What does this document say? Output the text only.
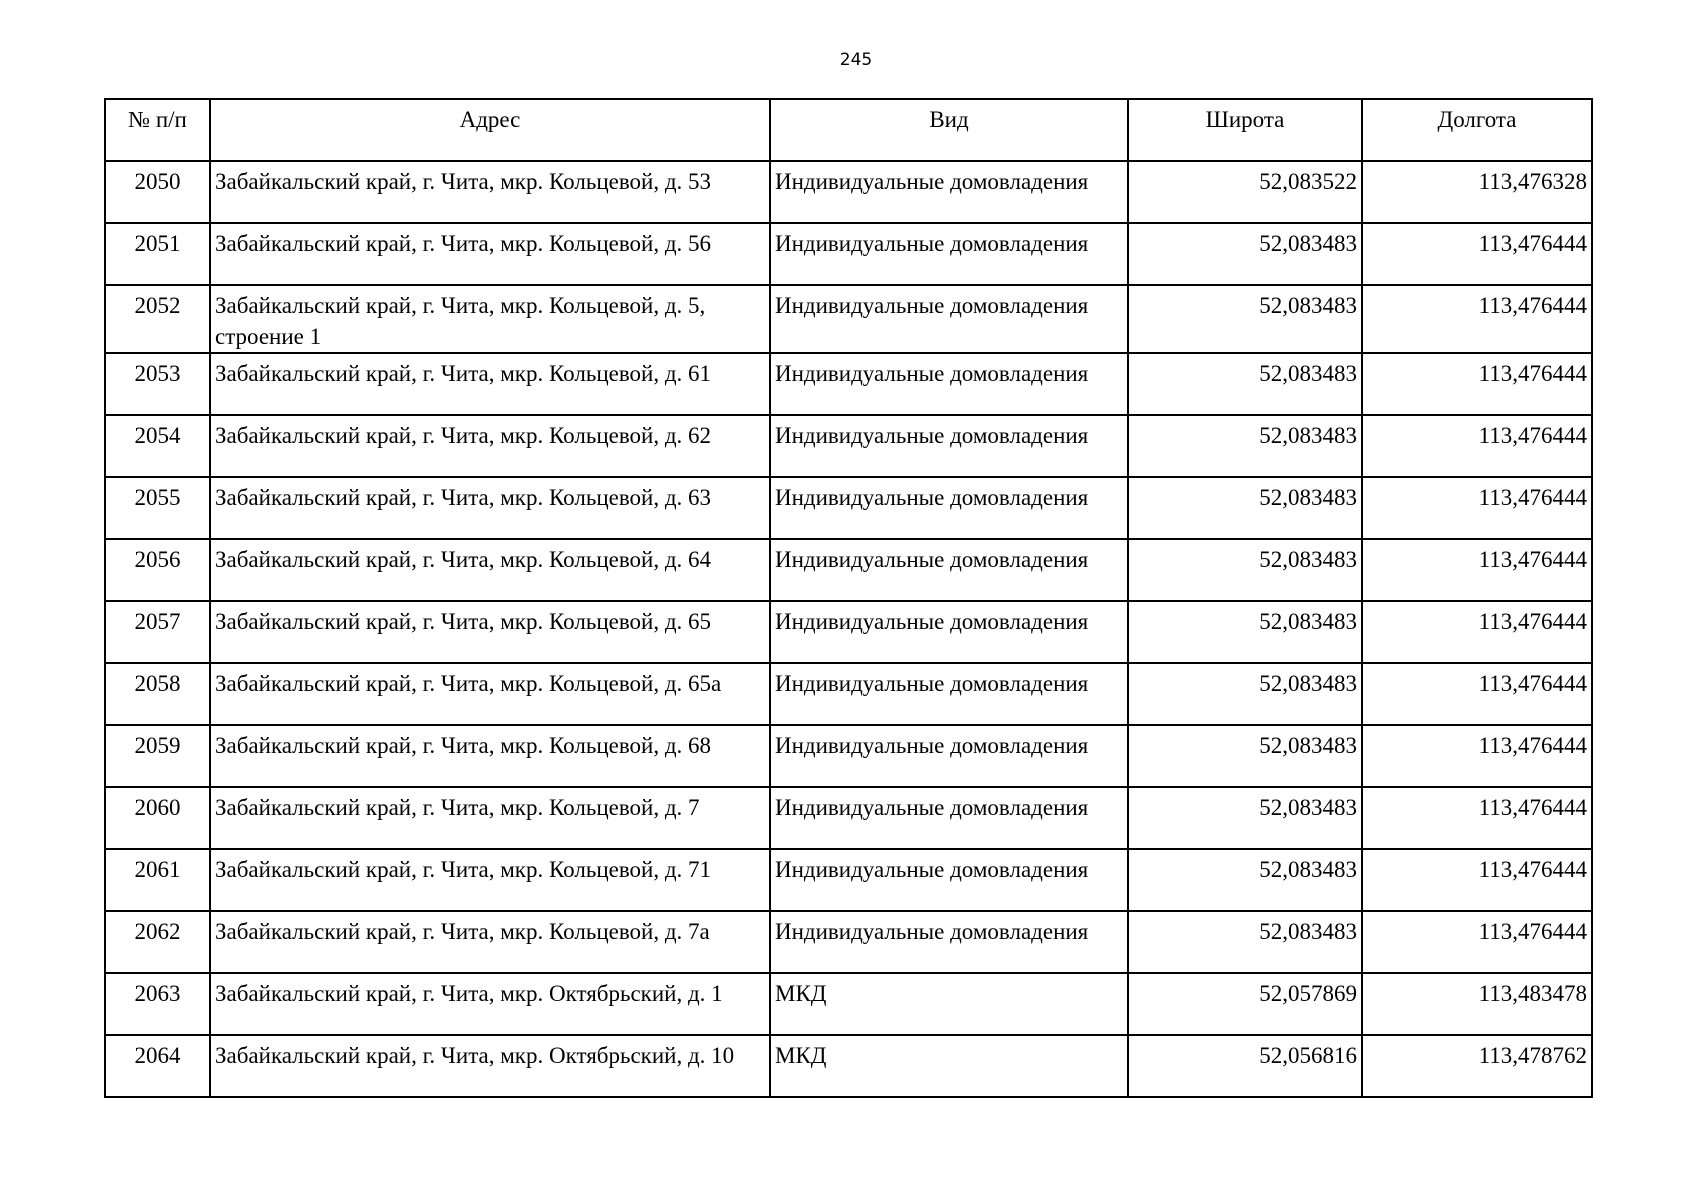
245
№ п/п	Адрес	Вид	Широта	Долгота
2050	Забайкальский край, г. Чита, мкр. Кольцевой, д. 53	Индивидуальные домовладения	52,083522	113,476328
2051	Забайкальский край, г. Чита, мкр. Кольцевой, д. 56	Индивидуальные домовладения	52,083483	113,476444
2052	Забайкальский край, г. Чита, мкр. Кольцевой, д. 5, строение 1	Индивидуальные домовладения	52,083483	113,476444
2053	Забайкальский край, г. Чита, мкр. Кольцевой, д. 61	Индивидуальные домовладения	52,083483	113,476444
2054	Забайкальский край, г. Чита, мкр. Кольцевой, д. 62	Индивидуальные домовладения	52,083483	113,476444
2055	Забайкальский край, г. Чита, мкр. Кольцевой, д. 63	Индивидуальные домовладения	52,083483	113,476444
2056	Забайкальский край, г. Чита, мкр. Кольцевой, д. 64	Индивидуальные домовладения	52,083483	113,476444
2057	Забайкальский край, г. Чита, мкр. Кольцевой, д. 65	Индивидуальные домовладения	52,083483	113,476444
2058	Забайкальский край, г. Чита, мкр. Кольцевой, д. 65а	Индивидуальные домовладения	52,083483	113,476444
2059	Забайкальский край, г. Чита, мкр. Кольцевой, д. 68	Индивидуальные домовладения	52,083483	113,476444
2060	Забайкальский край, г. Чита, мкр. Кольцевой, д. 7	Индивидуальные домовладения	52,083483	113,476444
2061	Забайкальский край, г. Чита, мкр. Кольцевой, д. 71	Индивидуальные домовладения	52,083483	113,476444
2062	Забайкальский край, г. Чита, мкр. Кольцевой, д. 7а	Индивидуальные домовладения	52,083483	113,476444
2063	Забайкальский край, г. Чита, мкр. Октябрьский, д. 1	МКД	52,057869	113,483478
2064	Забайкальский край, г. Чита, мкр. Октябрьский, д. 10	МКД	52,056816	113,478762
